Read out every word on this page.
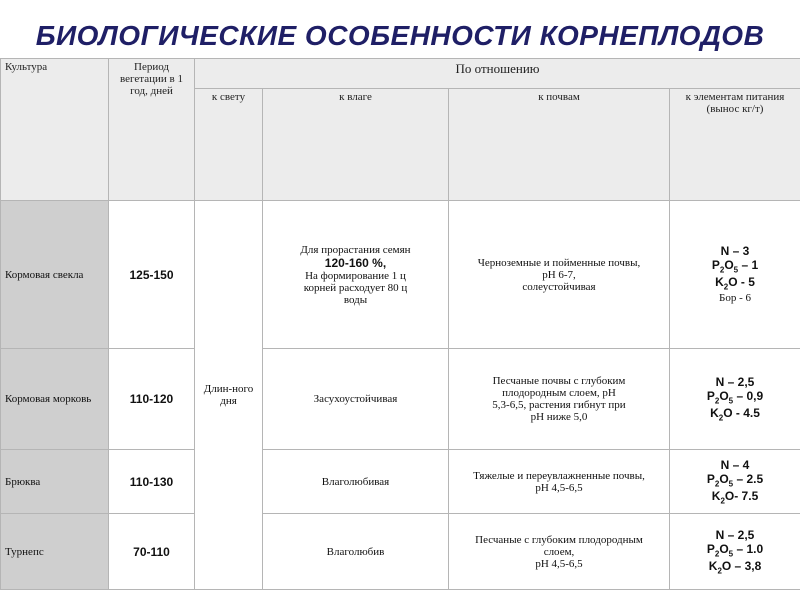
БИОЛОГИЧЕСКИЕ ОСОБЕННОСТИ КОРНЕПЛОДОВ
Культура	Период вегетации в 1 год, дней	По отношению			
		к свету	к влаге	к почвам	к элементам питания (вынос кг/т)
Кормовая свекла	125-150	Длин-ного дня	Для прорастания семян
120-160 %,
На формирование 1 ц
корней расходует 80 ц
воды	Черноземные и пойменные почвы,
pH 6-7,
солеустойчивая	N – 3
$P_2O_5 - 1$
$K_2O - 5$
Бор - 6

Кормовая морковь	110-120		Засухоустойчивая	Песчаные почвы с глубоким
плодородным слоем, pH
5,3-6,5, растения гибнут при
pH ниже 5,0	N – 2,5
$P_2O_5 - 0,9$
$K_2O - 4.5$

Брюква	110-130		Влаголюбивая	Тяжелые и переувлажненные почвы,
pH 4,5-6,5	N – 4
$P_2O_5 - 2.5$
$K_2O-$ 7.5

Турнепс	70-110		Влаголюбив	Песчаные с глубоким плодородным
слоем,
pH 4,5-6,5	N – 2,5
$P_2O_5 - 1.0$
$K_2O - 3,8$
